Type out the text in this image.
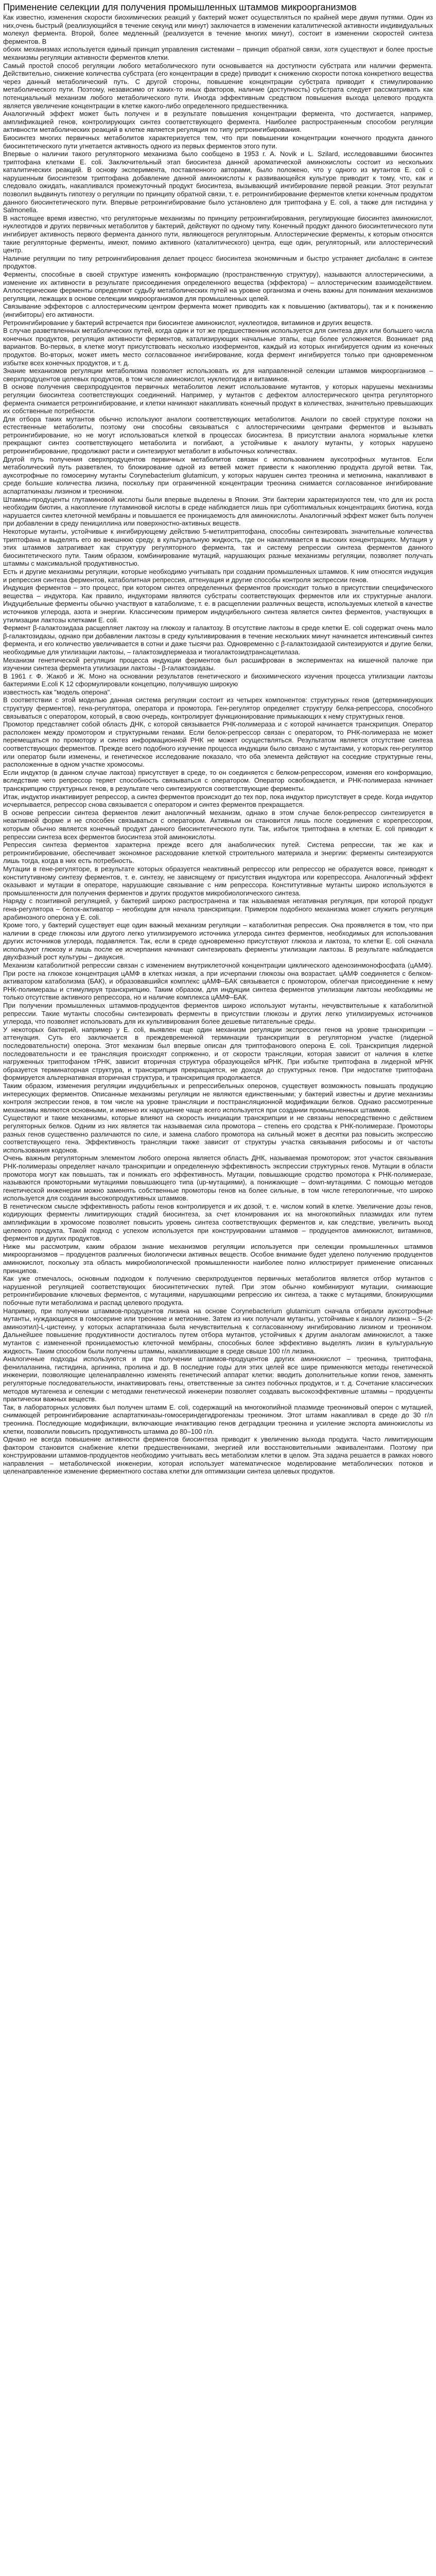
Применение селекции для получения промышленных штаммов микроорганизмов

Как известно, изменения скорости биохимических реакций у бактерий может осуществляться по крайней мере двумя путями. Один из них,очень быстрый (реализующийся в течение секунд или минут) заключается в изменении каталитической активности индивидуальных молекул фермента. Второй, более медленный (реализуется в течение многих минут), состоит в изменении скоростей синтеза ферментов. В

обоих механизмах используется единый принцип управления системами – принцип обратной связи, хотя существуют и более простые механизмы регуляции активности ферментов клетки.

Самый простой способ регуляции любого метаболического пути основывается на доступности субстрата или наличии фермента. Действительно, снижение количества субстрата (его концентрации в среде) приводит к снижению скорости потока конкретного вещества через данный метаболический путь. С другой стороны, повышение концентрации субстрата приводит к стимулированию метаболического пути. Поэтому, независимо от каких-то иных факторов, наличие (доступность) субстрата следует рассматривать как потенциальный механизм любого метаболического пути. Иногда эффективным средством повышения выхода целевого продукта является увеличение концентрации в клетке какого-либо определенного предшественника.

Аналогичный эффект может быть получен и в результате повышения концентрации фермента, что достигается, например, амплификацией генов, контролирующих синтез соответствующего фермента. Наиболее распространенным способом регуляции активности метаболических реакций в клетке является регуляция по типу ретроингибирования.

Биосинтез многих первичных метаболитов характеризуется тем, что при повышении концентрации конечного продукта данного биосинтетического пути угнетается активность одного из первых ферментов этого пути.

Впервые о наличии такого регуляторного механизма было сообщено в 1953 г. А. Novik и L. Szilard, исследовавшими биосинтез триптофана клетками Е. coli. Заключительный этап биосинтеза данной ароматической аминокислоты состоит из нескольких каталитических реакций. В основу эксперимента, поставленного авторами, было положено, что у одного из мутантов Е. coli с нарушенным биосинтезом триптофана добавление данной аминокислоты к развивающейся культуре приводит к тому, что, как и следовало ожидать, накапливался промежуточный продукт биосинтеза, вызывающий ингибирование первой реакции. Этот результат позволил выдвинуть гипотезу о регуляции по принципу обратной связи, т. е. ретроингибирование ферментов клетки конечным продуктом данного биосинтетического пути. Впервые ретроингибирование было установлено для триптофана у E. coli, а также для гистидина у Salmonella.

В настоящее время известно, что регуляторные механизмы по принципу ретроингибирования, регулирующие биосинтез аминокислот, нуклеотидов и других первичных метаболитов у бактерий, действуют по одному типу. Конечный продукт данного биосинтетического пути ингибирует активность первого фермента данного пути, являющегося регуляторным. Аллостерические ферменты, к которым относятся такие регуляторные ферменты, имеют, помимо активного (каталитического) центра, еще один, регуляторный, или аллостерический центр.

Наличие регуляции по типу ретроингибирования делает процесс биосинтеза экономичным и быстро устраняет дисбаланс в синтезе продуктов.

Ферменты, способные в своей структуре изменять конформацию (пространственную структуру), называются аллостерическими, а изменение их активности в результате присоединения определенного вещества (эффектора) – аллостерическим взаимодействием. Аллостерические ферменты определяют судьбу метаболических путей на уровне организма и очень важны для понимания механизмов регуляции, лежащих в основе селекции микроорганизмов для промышленных целей.

Связывание эффекторов с аллостерическим центром фермента может приводить как к повышению (активаторы), так и к понижению (ингибиторы) его активности.

Ретроингибирование у бактерий встречается при биосинтезе аминокислот, нуклеотидов, витаминов и других веществ.

В случае разветвленных метаболических путей, когда один и тот же предшественник используется для синтеза двух или большего числа конечных продуктов, регуляция активности ферментов, катализирующих начальные этапы, еще более усложняется. Возникает ряд вариантов. Во-первых, в клетке могут присутствовать несколько изоферментов, каждый из которых ингибируется одним из конечных продуктов. Во-вторых, может иметь место согласованное ингибирование, когда фермент ингибируется только при одновременном избытке всех конечных продуктов, и т. д.

Знание механизмов регуляции метаболизма позволяет использовать их для направленной селекции штаммов микроорганизмов – сверхпродуцентов целевых продуктов, в том числе аминокислот, нуклеотидов и витаминов.

В основе получения сверхпродуцентов первичных метаболитов лежит использование мутантов, у которых нарушены механизмы регуляции биосинтеза соответствующих соединений. Например, у мутантов с дефектом аллостерического центра регуляторного фермента снимается ретроингибирование, и клетки начинают накапливать конечный продукт в количествах, значительно превышающих их собственные потребности.

Для отбора таких мутантов обычно используют аналоги соответствующих метаболитов. Аналоги по своей структуре похожи на естественные метаболиты, поэтому они способны связываться с аллостерическими центрами ферментов и вызывать ретроингибирование, но не могут использоваться клеткой в процессах биосинтеза. В присутствии аналога нормальные клетки прекращают синтез соответствующего метаболита и погибают, а устойчивые к аналогу мутанты, у которых нарушено ретроингибирование, продолжают расти и синтезируют метаболит в избыточных количествах.

Другой путь получения сверхпродуцентов первичных метаболитов связан с использованием ауксотрофных мутантов. Если метаболический путь разветвлен, то блокирование одной из ветвей может привести к накоплению продукта другой ветви. Так, ауксотрофные по гомосерину мутанты Corynebacterium glutamicum, у которых нарушен синтез треонина и метионина, накапливают в среде большие количества лизина, поскольку при ограниченной концентрации треонина снимается согласованное ингибирование аспартаткиназы лизином и треонином.

Штаммы-продуценты глутаминовой кислоты были впервые выделены в Японии. Эти бактерии характеризуются тем, что для их роста необходим биотин, а накопление глутаминовой кислоты в среде наблюдается лишь при субоптимальных концентрациях биотина, когда нарушается синтез клеточной мембраны и повышается ее проницаемость для аминокислоты. Аналогичный эффект может быть получен при добавлении в среду пенициллина или поверхностно-активных веществ.

Некоторые мутанты, устойчивые к ингибирующему действию 5-метилтриптофана, способны синтезировать значительные количества триптофана и выделять его во внешнюю среду, в культуральную жидкость, где он накапливается в высоких концентрациях. Мутация у этих штаммов затрагивает как структуру регуляторного фермента, так и систему репрессии синтеза ферментов данного биосинтетического пути. Таким образом, комбинирование мутаций, нарушающих разные механизмы регуляции, позволяет получать штаммы с максимальной продуктивностью.

Есть и другие механизмы регуляции, которые необходимо учитывать при создании промышленных штаммов. К ним относятся индукция и репрессия синтеза ферментов, катаболитная репрессия, аттенуация и другие способы контроля экспрессии генов.

Индукция ферментов – это процесс, при котором синтез определенных ферментов происходит только в присутствии специфического вещества – индуктора. Как правило, индукторами являются субстраты соответствующих ферментов или их структурные аналоги. Индуцибельные ферменты обычно участвуют в катаболизме, т. е. в расщеплении различных веществ, используемых клеткой в качестве источников углерода, азота и энергии. Классическим примером индуцибельного синтеза является синтез ферментов, участвующих в утилизации лактозы клетками Е. coli.

Фермент β-галактозидаза расщепляет лактозу на глюкозу и галактозу. В отсутствие лактозы в среде клетки E. coli содержат очень мало β-галактозидазы, однако при добавлении лактозы в среду культивирования в течение нескольких минут начинается интенсивный синтез фермента, и его количество увеличивается в сотни и даже тысячи раз. Одновременно с β-галактозидазой синтезируются и другие белки, необходимые для утилизации лактозы, – галактозидпермеаза и тиогалактозидтрансацетилаза.

Механизм генетической регуляции процесса индукции ферментов был расшифрован в экспериментах на кишечной палочке при изучении синтеза фермента утилизации лактозы - β-галактозидазы.

В 1961 г. Ф. Жакоб и Ж. Моно на основании результатов генетического и биохимического изучения процесса утилизации лактозы бактериями E.coli K 12 сформулировали концепцию, получившую широкую

известность как "модель оперона".

В соответствии с этой моделью данная система регуляции состоит из четырех компонентов: структурных генов (детерминирующих структуру ферментов), гена-регулятора, оператора и промотора. Ген-регулятор определяет структуру белка-репрессора, способного связываться с оператором, который, в свою очередь, контролирует функционирование примыкающих к нему структурных генов.

Промотор представляет собой область ДНК, с которой связывается РНК-полимераза и с которой начинается транскрипция. Оператор расположен между промотором и структурными генами. Если белок-репрессор связан с оператором, то РНК-полимераза не может перемещаться по промотору и синтез информационной РНК не может осуществляться. Результатом является отсутствие синтеза соответствующих ферментов. Прежде всего подобного изучение процесса индукции было связано с мутантами, у которых ген-регулятор или оператор были изменены, и генетическое исследование показало, что оба элемента действуют на соседние структурные гены, расположенные в одном участке хромосомы.

Если индуктор (в данном случае лактоза) присутствует в среде, то он соединяется с белком-репрессором, изменяя его конформацию, вследствие чего репрессор теряет способность связываться с оператором. Оператор освобождается, и РНК-полимераза начинает транскрипцию структурных генов, в результате чего синтезируются соответствующие ферменты.

Итак, индуктор инактивирует репрессор, а синтез ферментов происходит до тех пор, пока индуктор присутствует в среде. Когда индуктор исчерпывается, репрессор снова связывается с оператором и синтез ферментов прекращается.

В основе репрессии синтеза ферментов лежит аналогичный механизм, однако в этом случае белок-репрессор синтезируется в неактивной форме и не способен связываться с оператором. Активным он становится лишь после соединения с корепрессором, которым обычно является конечный продукт данного биосинтетического пути. Так, избыток триптофана в клетках E. coli приводит к репрессии синтеза всех ферментов биосинтеза этой аминокислоты.

Репрессия синтеза ферментов характерна прежде всего для анаболических путей. Система репрессии, так же как и ретроингибирование, обеспечивает экономное расходование клеткой строительного материала и энергии: ферменты синтезируются лишь тогда, когда в них есть потребность.

Мутации в гене-регуляторе, в результате которых образуется неактивный репрессор или репрессор не образуется вовсе, приводят к конститутивному синтезу ферментов, т. е. синтезу, не зависящему от присутствия индуктора или корепрессора. Аналогичный эффект оказывают и мутации в операторе, нарушающие связывание с ним репрессора. Конститутивные мутанты широко используются в промышленности для получения ферментов и других продуктов микробиологического синтеза.

Наряду с позитивной регуляцией, у бактерий широко распространена и так называемая негативная регуляция, при которой продукт гена-регулятора – белок-активатор – необходим для начала транскрипции. Примером подобного механизма может служить регуляция арабинозного оперона у Е. coli.

Кроме того, у бактерий существует еще один важный механизм регуляции – катаболитная репрессия. Она проявляется в том, что при наличии в среде глюкозы или другого легко утилизируемого источника углерода синтез ферментов, необходимых для использования других источников углерода, подавляется. Так, если в среде одновременно присутствуют глюкоза и лактоза, то клетки E. coli сначала используют глюкозу и лишь после ее исчерпания начинают синтезировать ферменты утилизации лактозы. В результате наблюдается двухфазный рост культуры – диауксия.

Механизм катаболитной репрессии связан с изменением внутриклеточной концентрации циклического аденозинмонофосфата (цАМФ). При росте на глюкозе концентрация цАМФ в клетках низкая, а при исчерпании глюкозы она возрастает. цАМФ соединяется с белком-активатором катаболизма (БАК), и образовавшийся комплекс цАМФ–БАК связывается с промотором, облегчая присоединение к нему РНК-полимеразы и стимулируя транскрипцию. Таким образом, для индукции синтеза ферментов утилизации лактозы необходимы не только отсутствие активного репрессора, но и наличие комплекса цАМФ–БАК.

При получении промышленных штаммов-продуцентов ферментов широко используют мутанты, нечувствительные к катаболитной репрессии. Такие мутанты способны синтезировать ферменты в присутствии глюкозы и других легко утилизируемых источников углерода, что позволяет использовать для их культивирования более дешевые питательные среды.

У некоторых бактерий, например у E. coli, выявлен еще один механизм регуляции экспрессии генов на уровне транскрипции – аттенуация. Суть его заключается в преждевременной терминации транскрипции в регуляторном участке (лидерной последовательности) оперона. Этот механизм был впервые описан для триптофанового оперона E. coli. Транскрипция лидерной последовательности и ее трансляция происходят сопряженно, и от скорости трансляции, которая зависит от наличия в клетке нагруженных триптофаном тРНК, зависит вторичная структура образующейся мРНК. При избытке триптофана в лидерной мРНК образуется терминаторная структура, и транскрипция прекращается, не доходя до структурных генов. При недостатке триптофана формируется альтернативная вторичная структура, и транскрипция продолжается.

Таким образом, изменения регуляции индуцибельных и репрессибельных оперонов, существует возможность повышать продукцию интересующих ферментов. Описанные механизмы регуляции не являются единственными; у бактерий известны и другие механизмы контроля экспрессии генов, в том числе на уровне трансляции и посттрансляционной модификации белков. Однако рассмотренные механизмы являются основными, и именно их нарушение чаще всего используется при создании промышленных штаммов.

Существуют и такие механизмы, которые влияют на скорость инициации транскрипции и не связаны непосредственно с действием регуляторных белков. Одним из них является так называемая сила промотора – степень его сродства к РНК-полимеразе. Промоторы разных генов существенно различаются по силе, и замена слабого промотора на сильный может в десятки раз повысить экспрессию соответствующего гена. Эффективность трансляции также зависит от структуры участка связывания рибосомы и от частоты использования кодонов.

Очень важным регуляторным элементом любого оперона является область ДНК, называемая промотором; этот участок связывания РНК-полимеразы определяет начало транскрипции и определенную эффективность экспрессии структурных генов. Мутации в области промотора могут как повышать, так и понижать его эффективность. Мутации, повышающие сродство промотора к РНК-полимеразе, называются промоторными мутациями повышающего типа (up-мутациями), а понижающие – down-мутациями. С помощью методов генетической инженерии можно заменять собственные промоторы генов на более сильные, в том числе гетерологичные, что широко используется для создания высокопродуктивных штаммов.

В генетическом смысле эффективность работы генов контролируется и их дозой, т. е. числом копий в клетке. Увеличение дозы генов, кодирующих ферменты лимитирующих стадий биосинтеза, за счет клонирования их на многокопийных плазмидах или путем амплификации в хромосоме позволяет повысить уровень синтеза соответствующих ферментов и, как следствие, увеличить выход целевого продукта. Такой подход с успехом используется при конструировании штаммов – продуцентов аминокислот, витаминов, ферментов и других продуктов.

Ниже мы рассмотрим, каким образом знание механизмов регуляции используется при селекции промышленных штаммов микроорганизмов – продуцентов различных биологически активных веществ. Особое внимание будет уделено получению продуцентов аминокислот, поскольку эта область микробиологической промышленности наиболее полно иллюстрирует применение описанных принципов.

Как уже отмечалось, основным подходом к получению сверхпродуцентов первичных метаболитов является отбор мутантов с нарушенной регуляцией соответствующих биосинтетических путей. При этом обычно комбинируют мутации, снимающие ретроингибирование ключевых ферментов, с мутациями, нарушающими репрессию их синтеза, а также с мутациями, блокирующими побочные пути метаболизма и распад целевого продукта.

Например, при получении штаммов-продуцентов лизина на основе Corynebacterium glutamicum сначала отбирали ауксотрофные мутанты, нуждающиеся в гомосерине или треонине и метионине. Затем из них получали мутанты, устойчивые к аналогу лизина – S-(2-аминоэтил)-L-цистеину, у которых аспартаткиназа была нечувствительна к согласованному ингибированию лизином и треонином. Дальнейшее повышение продуктивности достигалось путем отбора мутантов, устойчивых к другим аналогам аминокислот, а также мутантов с измененной проницаемостью клеточной мембраны, способных более эффективно выделять лизин в культуральную жидкость. Таким способом были получены штаммы, накапливающие в среде свыше 100 г/л лизина.

Аналогичные подходы используются и при получении штаммов-продуцентов других аминокислот – треонина, триптофана, фенилаланина, гистидина, аргинина, пролина и др. В последние годы для этих целей все шире применяются методы генетической инженерии, позволяющие целенаправленно изменять генетический аппарат клетки: вводить дополнительные копии генов, заменять регуляторные последовательности, инактивировать гены, ответственные за синтез побочных продуктов, и т. д. Сочетание классических методов мутагенеза и селекции с методами генетической инженерии позволяет создавать высокоэффективные штаммы – продуценты практически важных веществ.

Так, в лабораторных условиях был получен штамм E. coli, содержащий на многокопийной плазмиде треониновый оперон с мутацией, снимающей ретроингибирование аспартаткиназы-гомосериндегидрогеназы треонином. Этот штамм накапливал в среде до 30 г/л треонина. Последующие модификации, включающие инактивацию генов деградации треонина и усиление экспорта аминокислоты из клетки, позволили повысить продуктивность штамма до 80–100 г/л.

Однако не всегда повышение активности ферментов биосинтеза приводит к увеличению выхода продукта. Часто лимитирующим фактором становится снабжение клетки предшественниками, энергией или восстановительными эквивалентами. Поэтому при конструировании штаммов-продуцентов необходимо учитывать весь метаболизм клетки в целом. Эта задача решается в рамках нового направления – метаболической инженерии, которая использует математическое моделирование метаболических потоков и целенаправленное изменение ферментного состава клетки для оптимизации синтеза целевых продуктов.
